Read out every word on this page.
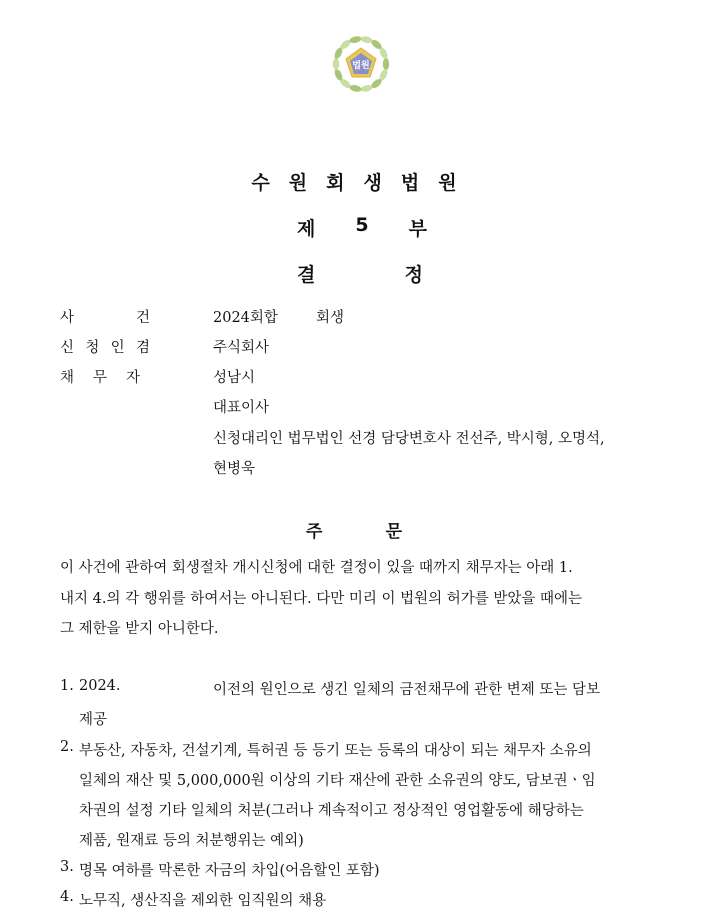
법원
수원회생법원
제 5 부
결	정
사	건	2024회합	회생
신 청 인 겸	주식회사
채 무 자	성남시
대표이사
신청대리인 법무법인 선경 담당변호사 전선주, 박시형, 오명석,
현병욱
주	문
이 사건에 관하여 회생절차 개시신청에 대한 결정이 있을 때까지 채무자는 아래 1.
내지 4.의 각 행위를 하여서는 아니된다. 다만 미리 이 법원의 허가를 받았을 때에는
그 제한을 받지 아니한다.
1. 2024.	이전의 원인으로 생긴 일체의 금전채무에 관한 변제 또는 담보
제공
2. 부동산, 자동차, 건설기계, 특허권 등 등기 또는 등록의 대상이 되는 채무자 소유의
일체의 재산 및 5,000,000원 이상의 기타 재산에 관한 소유권의 양도, 담보권ㆍ임
차권의 설정 기타 일체의 처분(그러나 계속적이고 정상적인 영업활동에 해당하는
제품, 원재료 등의 처분행위는 예외)
3. 명목 여하를 막론한 자금의 차입(어음할인 포함)
4. 노무직, 생산직을 제외한 임직원의 채용
